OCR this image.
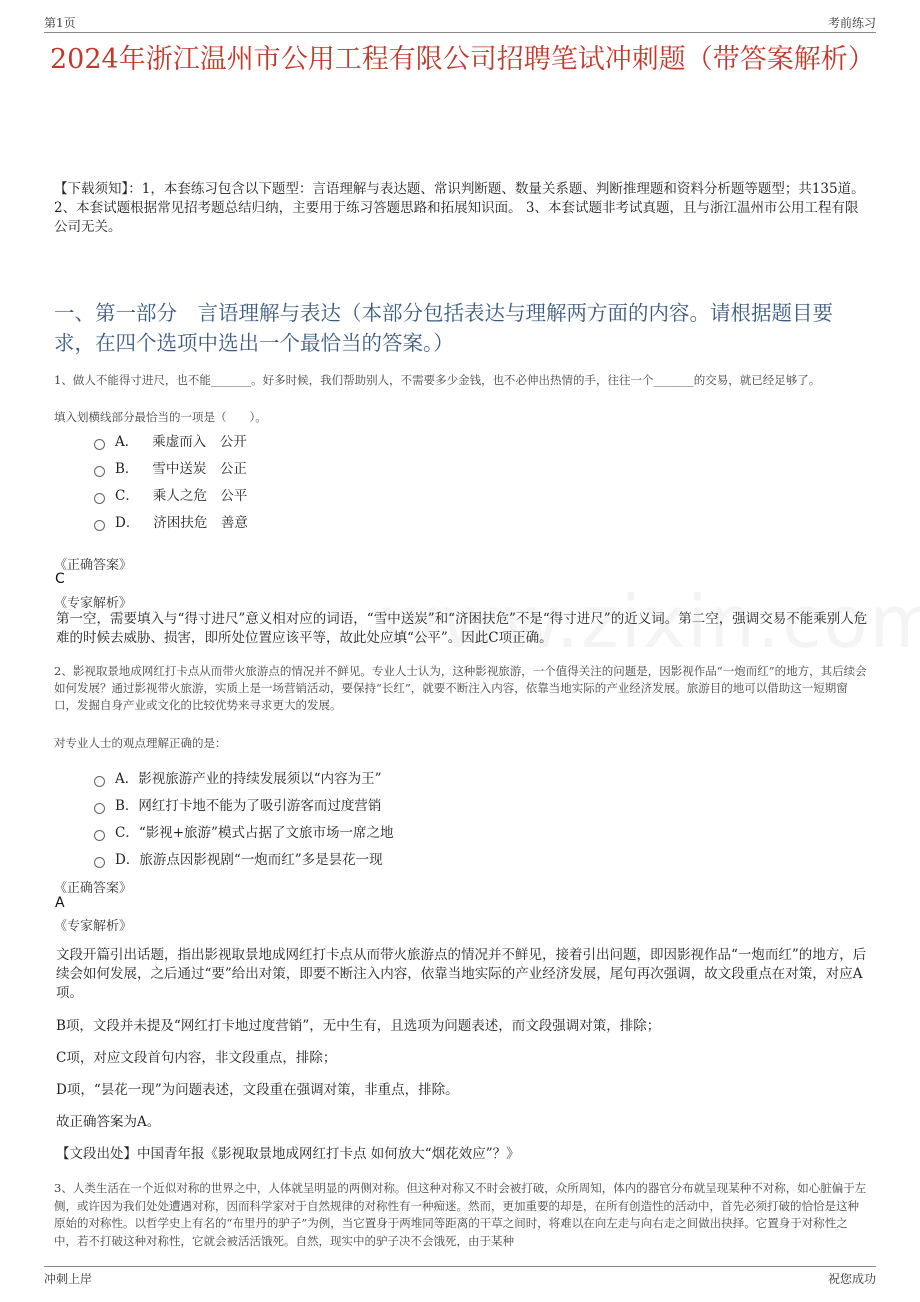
第1页	考前练习
2024年浙江温州市公用工程有限公司招聘笔试冲刺题（带答案解析）
【下载须知】：1，本套练习包含以下题型：言语理解与表达题、常识判断题、数量关系题、判断推理题和资料分析题等题型；共135道。 2、本套试题根据常见招考题总结归纳，主要用于练习答题思路和拓展知识面。 3、本套试题非考试真题，且与浙江温州市公用工程有限公司无关。
一、第一部分　言语理解与表达（本部分包括表达与理解两方面的内容。请根据题目要求，在四个选项中选出一个最恰当的答案。）
1、做人不能得寸进尺，也不能_______。好多时候，我们帮助别人，不需要多少金钱，也不必伸出热情的手，往往一个_______的交易，就已经足够了。
填入划横线部分最恰当的一项是（　　）。
A． 乘虚而入　公开
B． 雪中送炭　公正
C． 乘人之危　公平
D． 济困扶危　善意
《正确答案》
C
《专家解析》
第一空，需要填入与“得寸进尺”意义相对应的词语，“雪中送炭”和“济困扶危”不是“得寸进尺”的近义词。第二空，强调交易不能乘别人危难的时候去威胁、损害，即所处位置应该平等，故此处应填“公平”。因此C项正确。
2、影视取景地成网红打卡点从而带火旅游点的情况并不鲜见。专业人士认为，这种影视旅游，一个值得关注的问题是，因影视作品“一炮而红”的地方，其后续会如何发展？通过影视带火旅游，实质上是一场营销活动，要保持“长红”，就要不断注入内容，依靠当地实际的产业经济发展。旅游目的地可以借助这一短期窗口，发掘自身产业或文化的比较优势来寻求更大的发展。
对专业人士的观点理解正确的是：
A． 影视旅游产业的持续发展须以“内容为王”
B． 网红打卡地不能为了吸引游客而过度营销
C． “影视+旅游”模式占据了文旅市场一席之地
D． 旅游点因影视剧“一炮而红”多是昙花一现
《正确答案》
A
《专家解析》
文段开篇引出话题，指出影视取景地成网红打卡点从而带火旅游点的情况并不鲜见，接着引出问题，即因影视作品“一炮而红”的地方，后续会如何发展，之后通过“要”给出对策，即要不断注入内容，依靠当地实际的产业经济发展，尾句再次强调，故文段重点在对策，对应A项。
B项，文段并未提及“网红打卡地过度营销”，无中生有，且选项为问题表述，而文段强调对策，排除；
C项，对应文段首句内容，非文段重点，排除；
D项，“昙花一现”为问题表述，文段重在强调对策，非重点，排除。
故正确答案为A。
【文段出处】中国青年报《影视取景地成网红打卡点 如何放大“烟花效应”？》
3、人类生活在一个近似对称的世界之中，人体就呈明显的两侧对称。但这种对称又不时会被打破，众所周知，体内的器官分布就呈现某种不对称，如心脏偏于左侧，或许因为我们处处遭遇对称，因而科学家对于自然规律的对称性有一种痴迷。然而，更加重要的却是，在所有创造性的活动中，首先必须打破的恰恰是这种原始的对称性。以哲学史上有名的“布里丹的驴子”为例，当它置身于两堆同等距离的干草之间时，将难以在向左走与向右走之间做出抉择。它置身于对称性之中，若不打破这种对称性，它就会被活活饿死。自然，现实中的驴子决不会饿死，由于某种
冲刺上岸	祝您成功
